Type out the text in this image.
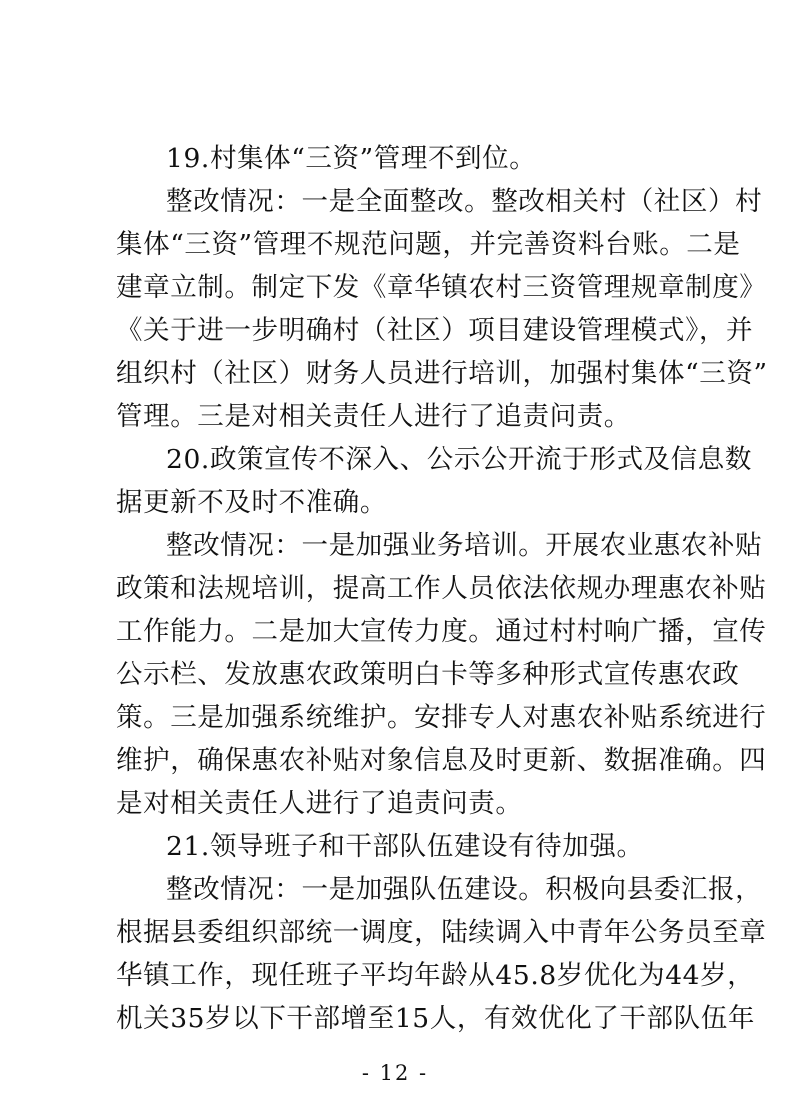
19.村集体“三资”管理不到位。
整改情况：一是全面整改。整改相关村（社区）村
集体“三资”管理不规范问题，并完善资料台账。二是
建章立制。制定下发《章华镇农村三资管理规章制度》
《关于进一步明确村（社区）项目建设管理模式》，并
组织村（社区）财务人员进行培训，加强村集体“三资”
管理。三是对相关责任人进行了追责问责。
20.政策宣传不深入、公示公开流于形式及信息数
据更新不及时不准确。
整改情况：一是加强业务培训。开展农业惠农补贴
政策和法规培训，提高工作人员依法依规办理惠农补贴
工作能力。二是加大宣传力度。通过村村响广播，宣传
公示栏、发放惠农政策明白卡等多种形式宣传惠农政
策。三是加强系统维护。安排专人对惠农补贴系统进行
维护，确保惠农补贴对象信息及时更新、数据准确。四
是对相关责任人进行了追责问责。
21.领导班子和干部队伍建设有待加强。
整改情况：一是加强队伍建设。积极向县委汇报，
根据县委组织部统一调度，陆续调入中青年公务员至章
华镇工作，现任班子平均年龄从45.8岁优化为44岁，
机关35岁以下干部增至15人，有效优化了干部队伍年
- 12 -
